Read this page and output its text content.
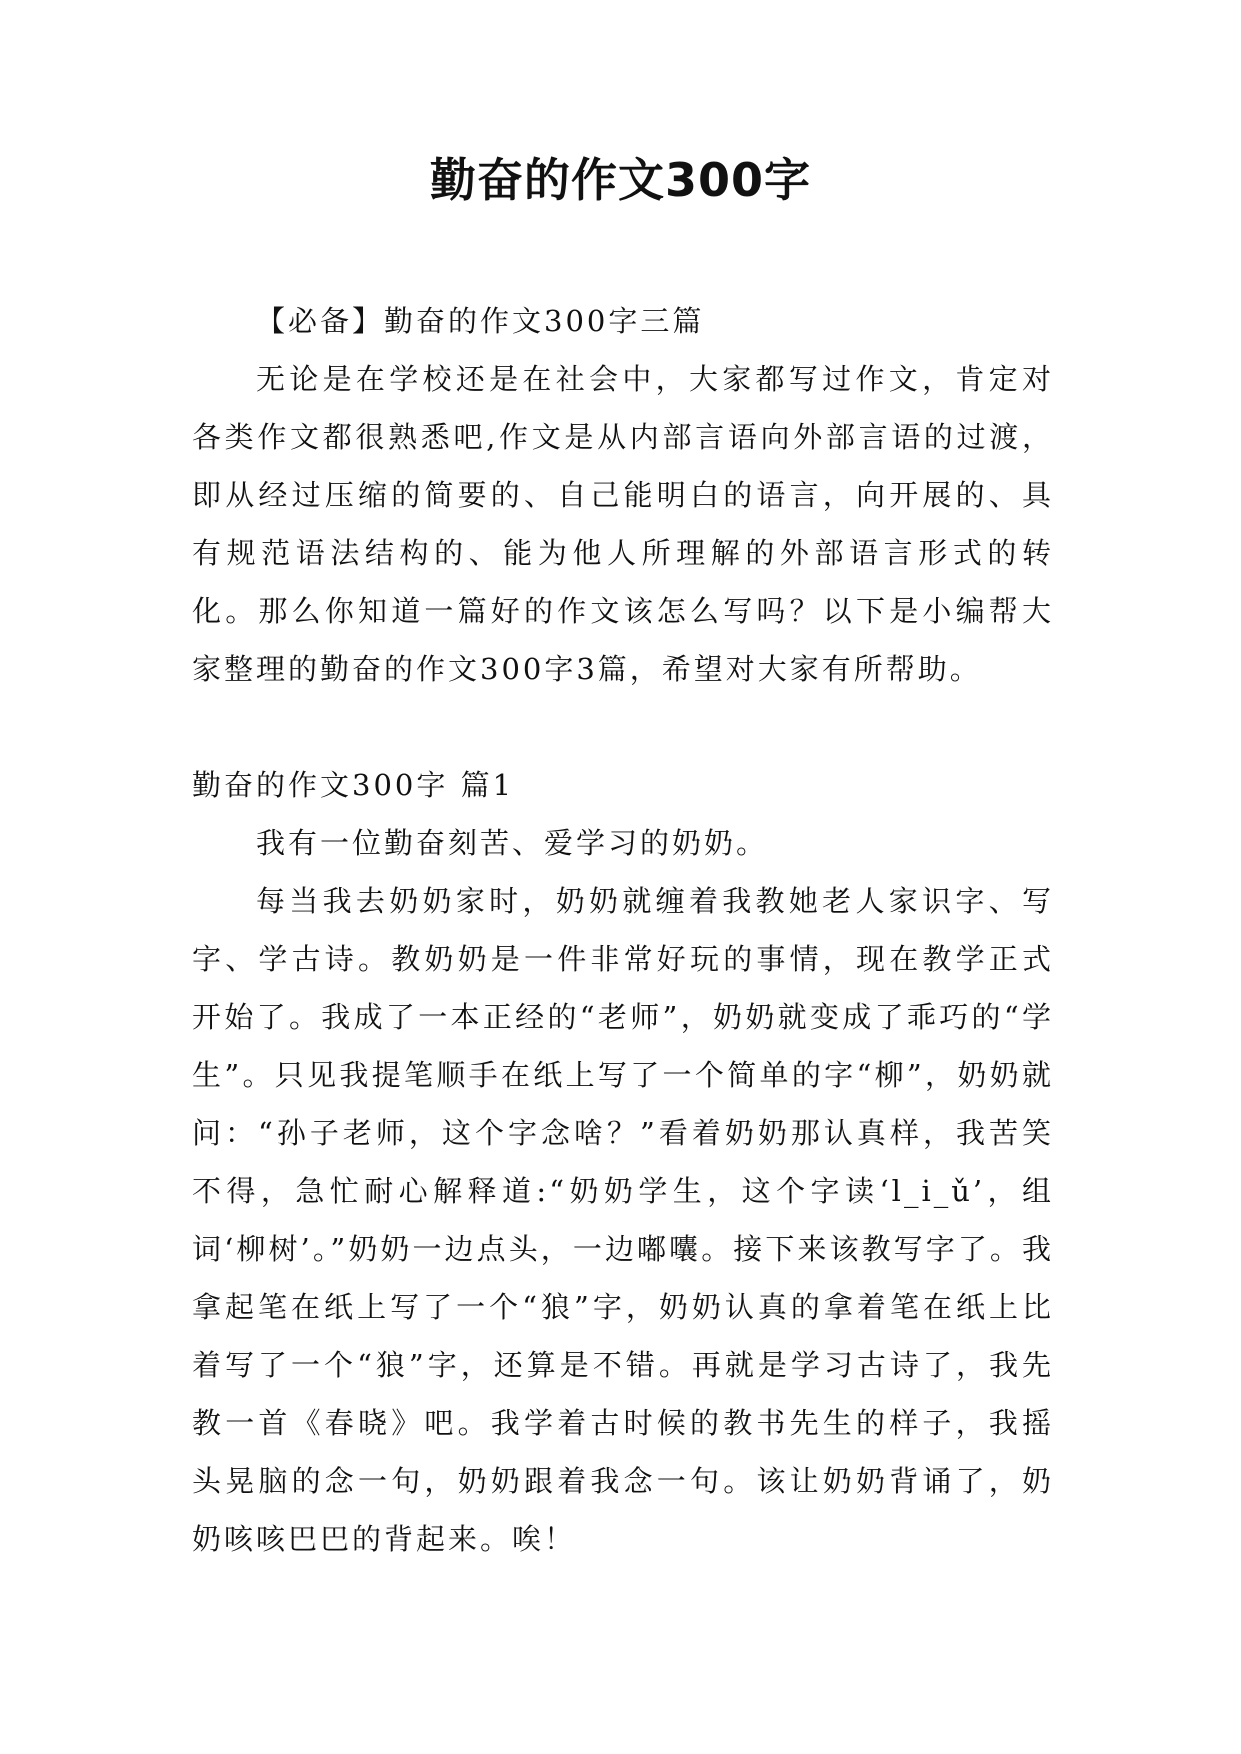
勤奋的作文300字

【必备】勤奋的作文300字三篇

无论是在学校还是在社会中，大家都写过作文，肯定对各类作文都很熟悉吧,作文是从内部言语向外部言语的过渡，即从经过压缩的简要的、自己能明白的语言，向开展的、具有规范语法结构的、能为他人所理解的外部语言形式的转化。那么你知道一篇好的作文该怎么写吗？以下是小编帮大家整理的勤奋的作文300字3篇，希望对大家有所帮助。

勤奋的作文300字 篇1

我有一位勤奋刻苦、爱学习的奶奶。

每当我去奶奶家时，奶奶就缠着我教她老人家识字、写字、学古诗。教奶奶是一件非常好玩的事情，现在教学正式开始了。我成了一本正经的“老师”，奶奶就变成了乖巧的“学生”。只见我提笔顺手在纸上写了一个简单的字“柳”，奶奶就问：“孙子老师，这个字念啥？”看着奶奶那认真样，我苦笑不得，急忙耐心解释道:“奶奶学生，这个字读‘l_i_ǔ’，组词‘柳树’。”奶奶一边点头，一边嘟囔。接下来该教写字了。我拿起笔在纸上写了一个“狼”字，奶奶认真的拿着笔在纸上比着写了一个“狼”字，还算是不错。再就是学习古诗了，我先教一首《春晓》吧。我学着古时候的教书先生的样子，我摇头晃脑的念一句，奶奶跟着我念一句。该让奶奶背诵了，奶奶咳咳巴巴的背起来。唉！
